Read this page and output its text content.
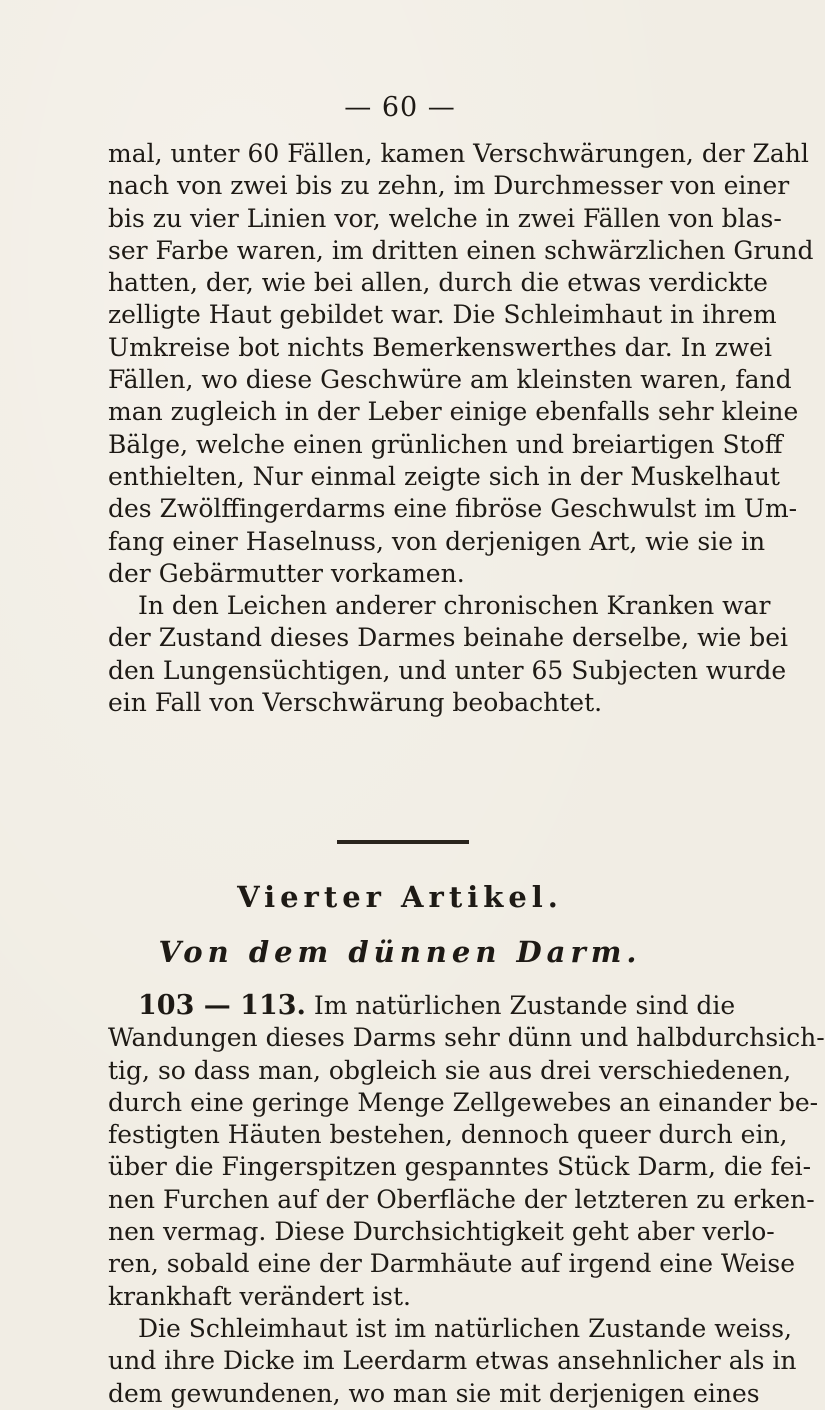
— 60 —
mal, unter 60 Fällen, kamen Verschwärungen, der Zahl
nach von zwei bis zu zehn, im Durchmesser von einer
bis zu vier Linien vor, welche in zwei Fällen von blas-
ser Farbe waren, im dritten einen schwärzlichen Grund
hatten, der, wie bei allen, durch die etwas verdickte
zelligte Haut gebildet war. Die Schleimhaut in ihrem
Umkreise bot nichts Bemerkenswerthes dar. In zwei
Fällen, wo diese Geschwüre am kleinsten waren, fand
man zugleich in der Leber einige ebenfalls sehr kleine
Bälge, welche einen grünlichen und breiartigen Stoff
enthielten, Nur einmal zeigte sich in der Muskelhaut
des Zwölffingerdarms eine fibröse Geschwulst im Um-
fang einer Haselnuss, von derjenigen Art, wie sie in
der Gebärmutter vorkamen.
In den Leichen anderer chronischen Kranken war
der Zustand dieses Darmes beinahe derselbe, wie bei
den Lungensüchtigen, und unter 65 Subjecten wurde
ein Fall von Verschwärung beobachtet.
Vierter Artikel.
Von dem dünnen Darm.
103 — 113. Im natürlichen Zustande sind die
Wandungen dieses Darms sehr dünn und halbdurchsich-
tig, so dass man, obgleich sie aus drei verschiedenen,
durch eine geringe Menge Zellgewebes an einander be-
festigten Häuten bestehen, dennoch queer durch ein,
über die Fingerspitzen gespanntes Stück Darm, die fei-
nen Furchen auf der Oberfläche der letzteren zu erken-
nen vermag. Diese Durchsichtigkeit geht aber verlo-
ren, sobald eine der Darmhäute auf irgend eine Weise
krankhaft verändert ist.
Die Schleimhaut ist im natürlichen Zustande weiss,
und ihre Dicke im Leerdarm etwas ansehnlicher als in
dem gewundenen, wo man sie mit derjenigen eines
